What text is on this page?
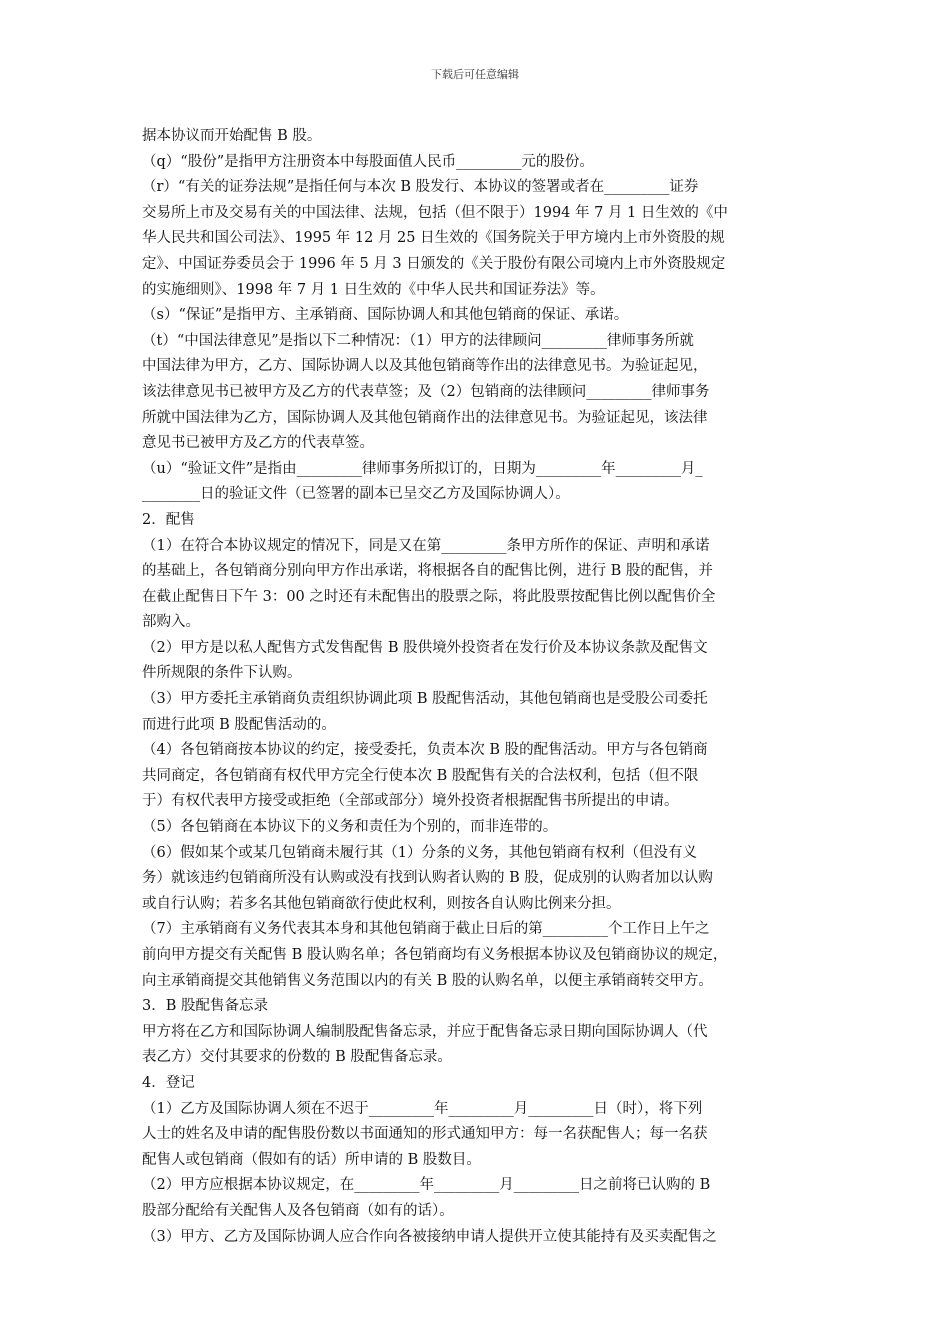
下载后可任意编辑
据本协议而开始配售 B 股。
（q）“股份”是指甲方注册资本中每股面值人民币_________元的股份。
（r）“有关的证券法规”是指任何与本次 B 股发行、本协议的签署或者在_________证券
交易所上市及交易有关的中国法律、法规，包括（但不限于）1994 年 7 月 1 日生效的《中
华人民共和国公司法》、1995 年 12 月 25 日生效的《国务院关于甲方境内上市外资股的规
定》、中国证券委员会于 1996 年 5 月 3 日颁发的《关于股份有限公司境内上市外资股规定
的实施细则》、1998 年 7 月 1 日生效的《中华人民共和国证券法》等。
（s）“保证”是指甲方、主承销商、国际协调人和其他包销商的保证、承诺。
（t）“中国法律意见”是指以下二种情况：（1）甲方的法律顾问_________律师事务所就
中国法律为甲方，乙方、国际协调人以及其他包销商等作出的法律意见书。为验证起见，
该法律意见书已被甲方及乙方的代表草签；及（2）包销商的法律顾问_________律师事务
所就中国法律为乙方，国际协调人及其他包销商作出的法律意见书。为验证起见，该法律
意见书已被甲方及乙方的代表草签。
（u）“验证文件”是指由_________律师事务所拟订的，日期为_________年_________月_
________日的验证文件（已签署的副本已呈交乙方及国际协调人）。
2．配售
（1）在符合本协议规定的情况下，同是又在第_________条甲方所作的保证、声明和承诺
的基础上，各包销商分别向甲方作出承诺，将根据各自的配售比例，进行 B 股的配售，并
在截止配售日下午 3：00 之时还有未配售出的股票之际，将此股票按配售比例以配售价全
部购入。
（2）甲方是以私人配售方式发售配售 B 股供境外投资者在发行价及本协议条款及配售文
件所规限的条件下认购。
（3）甲方委托主承销商负责组织协调此项 B 股配售活动，其他包销商也是受股公司委托
而进行此项 B 股配售活动的。
（4）各包销商按本协议的约定，接受委托，负责本次 B 股的配售活动。甲方与各包销商
共同商定，各包销商有权代甲方完全行使本次 B 股配售有关的合法权利，包括（但不限
于）有权代表甲方接受或拒绝（全部或部分）境外投资者根据配售书所提出的申请。
（5）各包销商在本协议下的义务和责任为个别的，而非连带的。
（6）假如某个或某几包销商未履行其（1）分条的义务，其他包销商有权利（但没有义
务）就该违约包销商所没有认购或没有找到认购者认购的 B 股，促成别的认购者加以认购
或自行认购；若多名其他包销商欲行使此权利，则按各自认购比例来分担。
（7）主承销商有义务代表其本身和其他包销商于截止日后的第_________个工作日上午之
前向甲方提交有关配售 B 股认购名单；各包销商均有义务根据本协议及包销商协议的规定，
向主承销商提交其他销售义务范围以内的有关 B 股的认购名单，以便主承销商转交甲方。
3．B 股配售备忘录
甲方将在乙方和国际协调人编制股配售备忘录，并应于配售备忘录日期向国际协调人（代
表乙方）交付其要求的份数的 B 股配售备忘录。
4．登记
（1）乙方及国际协调人须在不迟于_________年_________月_________日（时），将下列
人士的姓名及申请的配售股份数以书面通知的形式通知甲方：每一名获配售人；每一名获
配售人或包销商（假如有的话）所申请的 B 股数目。
（2）甲方应根据本协议规定，在_________年_________月_________日之前将已认购的 B
股部分配给有关配售人及各包销商（如有的话）。
（3）甲方、乙方及国际协调人应合作向各被接纳申请人提供开立使其能持有及买卖配售之
